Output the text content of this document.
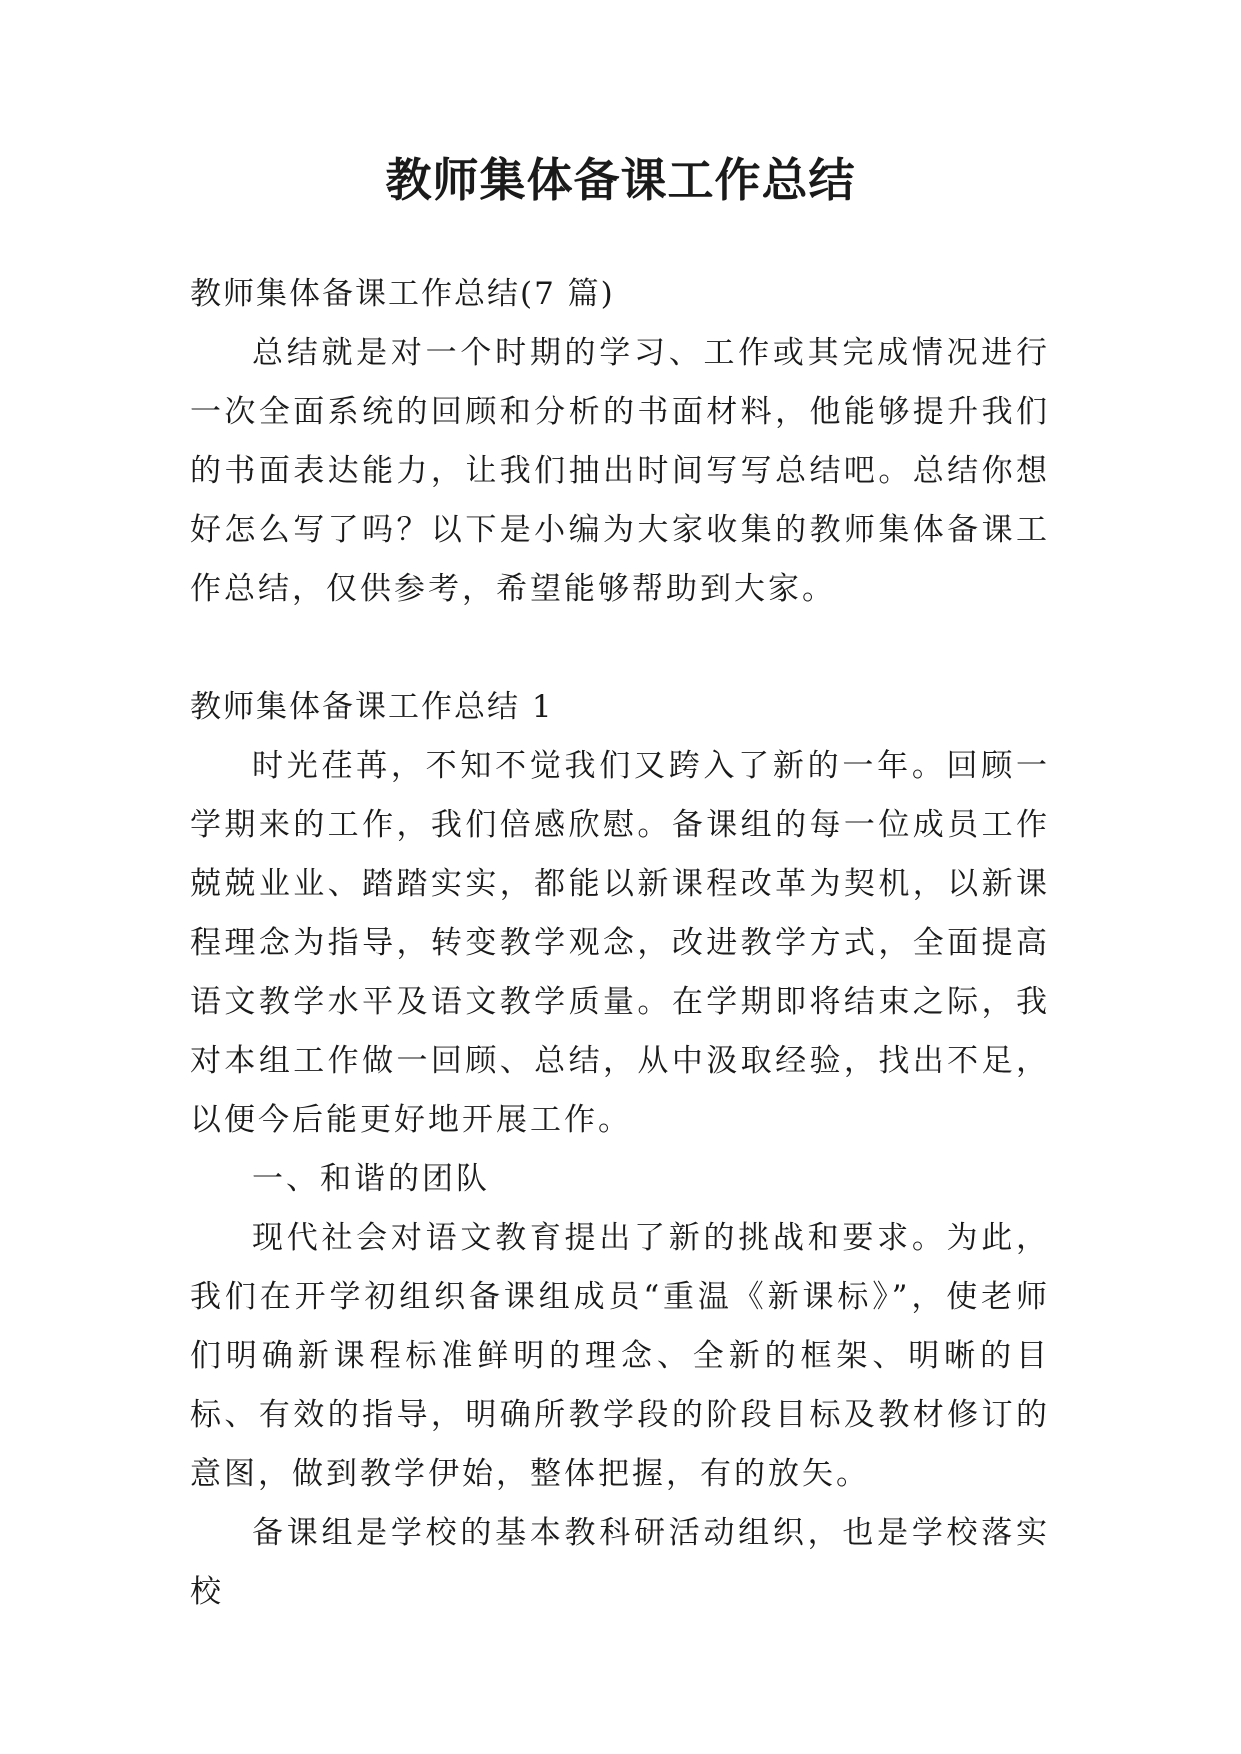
教师集体备课工作总结

教师集体备课工作总结(7 篇)

总结就是对一个时期的学习、工作或其完成情况进行一次全面系统的回顾和分析的书面材料，他能够提升我们的书面表达能力，让我们抽出时间写写总结吧。总结你想好怎么写了吗？以下是小编为大家收集的教师集体备课工作总结，仅供参考，希望能够帮助到大家。

教师集体备课工作总结 1

时光荏苒，不知不觉我们又跨入了新的一年。回顾一学期来的工作，我们倍感欣慰。备课组的每一位成员工作兢兢业业、踏踏实实，都能以新课程改革为契机，以新课程理念为指导，转变教学观念，改进教学方式，全面提高语文教学水平及语文教学质量。在学期即将结束之际，我对本组工作做一回顾、总结，从中汲取经验，找出不足，以便今后能更好地开展工作。

一、和谐的团队

现代社会对语文教育提出了新的挑战和要求。为此，我们在开学初组织备课组成员“重温《新课标》”，使老师们明确新课程标准鲜明的理念、全新的框架、明晰的目标、有效的指导，明确所教学段的阶段目标及教材修订的意图，做到教学伊始，整体把握，有的放矢。

备课组是学校的基本教科研活动组织，也是学校落实校
